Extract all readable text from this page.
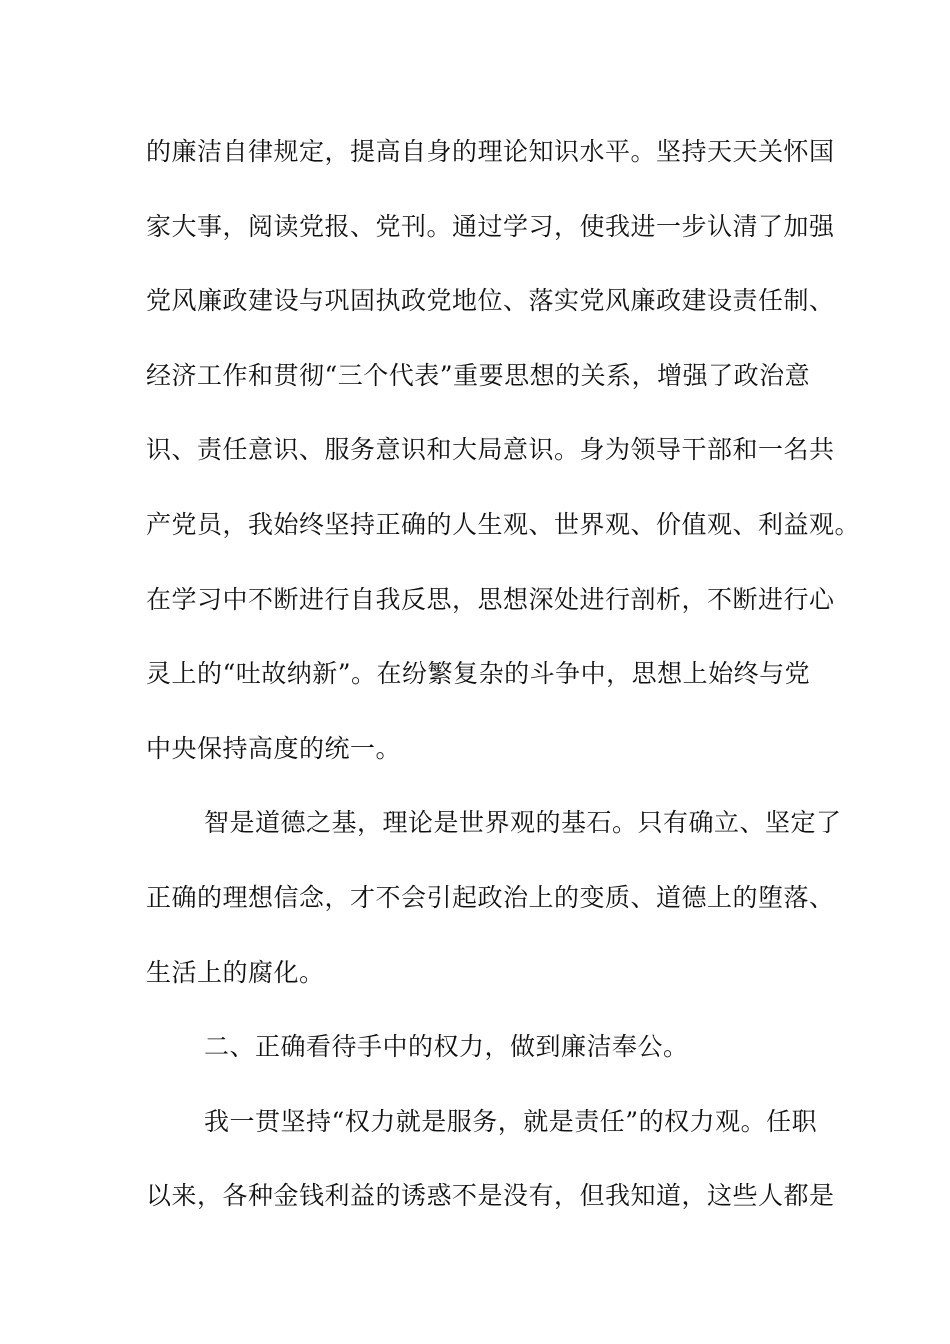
的廉洁自律规定，提高自身的理论知识水平。坚持天天关怀国
家大事，阅读党报、党刊。通过学习，使我进一步认清了加强
党风廉政建设与巩固执政党地位、落实党风廉政建设责任制、
经济工作和贯彻“三个代表”重要思想的关系，增强了政治意
识、责任意识、服务意识和大局意识。身为领导干部和一名共
产党员，我始终坚持正确的人生观、世界观、价值观、利益观。
在学习中不断进行自我反思，思想深处进行剖析，不断进行心
灵上的“吐故纳新”。在纷繁复杂的斗争中，思想上始终与党
中央保持高度的统一。
智是道德之基，理论是世界观的基石。只有确立、坚定了
正确的理想信念，才不会引起政治上的变质、道德上的堕落、
生活上的腐化。
二、正确看待手中的权力，做到廉洁奉公。
我一贯坚持“权力就是服务，就是责任”的权力观。任职
以来，各种金钱利益的诱惑不是没有，但我知道，这些人都是
